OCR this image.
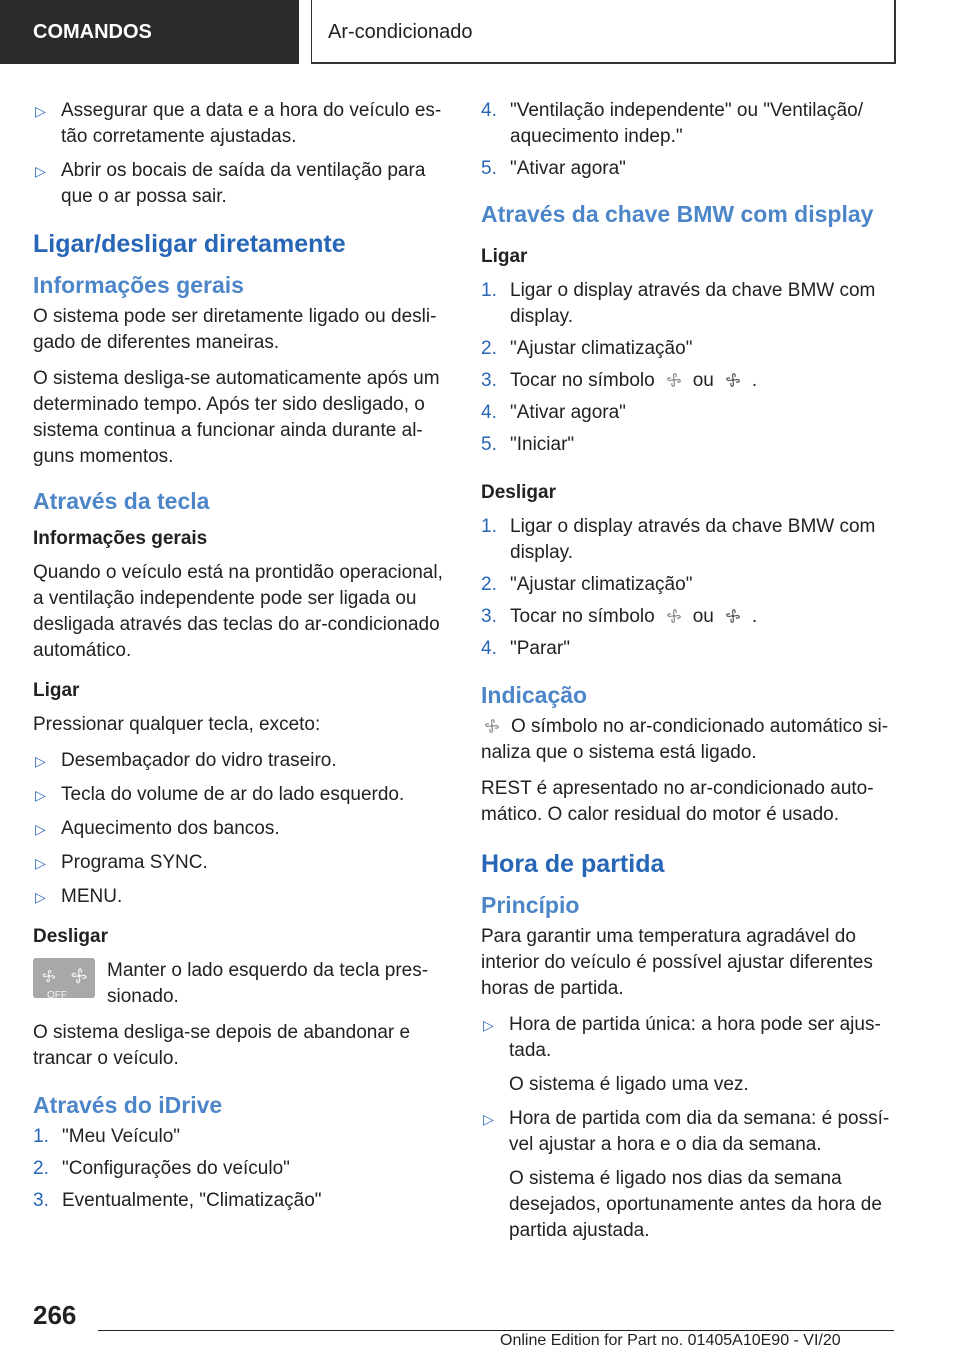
COMANDOS	Ar-condicionado
▷ Assegurar que a data e a hora do veículo estão corretamente ajustadas.
▷ Abrir os bocais de saída da ventilação para que o ar possa sair.
Ligar/desligar diretamente
Informações gerais

O sistema pode ser diretamente ligado ou desligado de diferentes maneiras.

O sistema desliga-se automaticamente após um determinado tempo. Após ter sido desligado, o sistema continua a funcionar ainda durante alguns momentos.

Através da tecla
Informações gerais

Quando o veículo está na prontidão operacional, a ventilação independente pode ser ligada ou desligada através das teclas do ar-condicionado automático.

Ligar

Pressionar qualquer tecla, exceto:

▷ Desembaçador do vidro traseiro.
▷ Tecla do volume de ar do lado esquerdo.
▷ Aquecimento dos bancos.
▷ Programa SYNC.
▷ MENU.
Desligar
OFF
Manter o lado esquerdo da tecla pressionado.

O sistema desliga-se depois de abandonar e trancar o veículo.

Através do iDrive
1. "Meu Veículo"
2. "Configurações do veículo"
3. Eventualmente, "Climatização"
4. "Ventilação independente" ou "Ventilação/ aquecimento indep."
5. "Ativar agora"
Através da chave BMW com display
Ligar
1. Ligar o display através da chave BMW com display.
2. "Ajustar climatização"
3. Tocar no símbolo ou .
4. "Ativar agora"
5. "Iniciar"
Desligar
1. Ligar o display através da chave BMW com display.
2. "Ajustar climatização"
3. Tocar no símbolo ou .
4. "Parar"
Indicação

O símbolo no ar-condicionado automático sinaliza que o sistema está ligado.

REST é apresentado no ar-condicionado automático. O calor residual do motor é usado.

Hora de partida
Princípio

Para garantir uma temperatura agradável do interior do veículo é possível ajustar diferentes horas de partida.

▷ Hora de partida única: a hora pode ser ajustada.
O sistema é ligado uma vez.
▷ Hora de partida com dia da semana: é possível ajustar a hora e o dia da semana.
O sistema é ligado nos dias da semana desejados, oportunamente antes da hora de partida ajustada.
266
Online Edition for Part no. 01405A10E90 - VI/20
